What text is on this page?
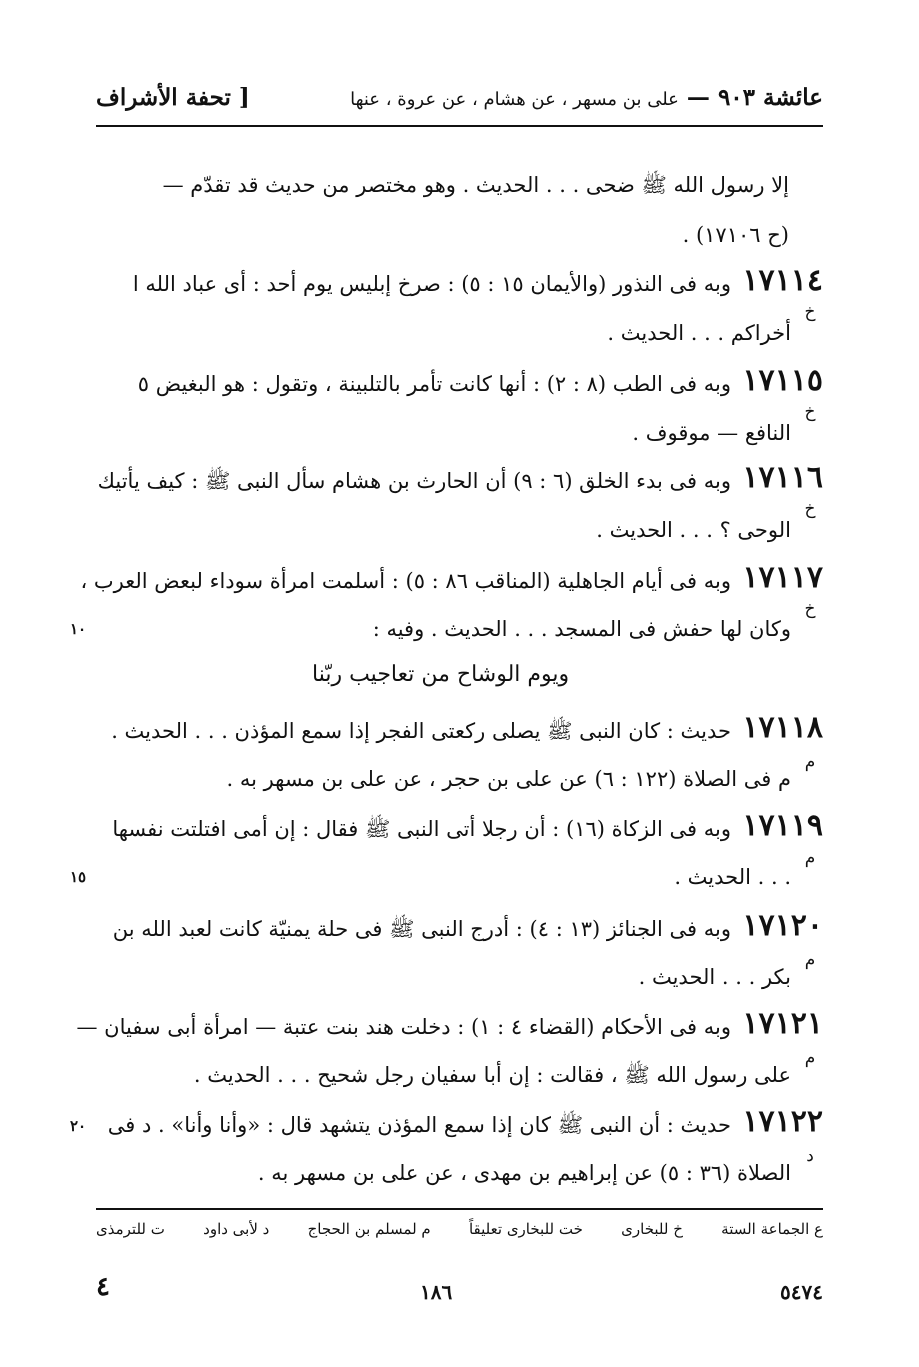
عائشة ٩٠٣ — على بن مسهر ، عن هشام ، عن عروة ، عنها
[ تحفة الأشراف
إلا رسول الله ﷺ ضحى . . . الحديث . وهو مختصر من حديث قد تقدّم —
(ح ١٧١٠٦) .
١٧١١٤
وبه فى النذور (والأيمان ١٥ : ٥) : صرخ إبليس يوم أحد : أى عباد الله ا
خ
أخراكم . . . الحديث .
١٧١١٥
وبه فى الطب (٨ : ٢) : أنها كانت تأمر بالتلبينة ، وتقول : هو البغيض ٥
خ
النافع — موقوف .
١٧١١٦
وبه فى بدء الخلق (٦ : ٩) أن الحارث بن هشام سأل النبى ﷺ : كيف يأتيك
خ
الوحى ؟ . . . الحديث .
١٧١١٧
وبه فى أيام الجاهلية (المناقب ٨٦ : ٥) : أسلمت امرأة سوداء لبعض العرب ،
خ
وكان لها حفش فى المسجد . . . الحديث . وفيه :
١٠
ويوم الوشاح من تعاجيب ربّنا
١٧١١٨
حديث : كان النبى ﷺ يصلى ركعتى الفجر إذا سمع المؤذن . . . الحديث .
م
م فى الصلاة (١٢٢ : ٦) عن على بن حجر ، عن على بن مسهر به .
١٧١١٩
وبه فى الزكاة (١٦) : أن رجلا أتى النبى ﷺ فقال : إن أمى افتلتت نفسها
م
. . . الحديث .
١٥
١٧١٢٠
وبه فى الجنائز (١٣ : ٤) : أدرج النبى ﷺ فى حلة يمنيّة كانت لعبد الله بن
م
بكر . . . الحديث .
١٧١٢١
وبه فى الأحكام (القضاء ٤ : ١) : دخلت هند بنت عتبة — امرأة أبى سفيان —
م
على رسول الله ﷺ ، فقالت : إن أبا سفيان رجل شحيح . . . الحديث .
١٧١٢٢
حديث : أن النبى ﷺ كان إذا سمع المؤذن يتشهد قال : «وأنا وأنا» . د فى
د
الصلاة (٣٦ : ٥) عن إبراهيم بن مهدى ، عن على بن مسهر به .
٢٠
ع الجماعة الستة
خ للبخارى
خت للبخارى تعليقاً
م لمسلم بن الحجاج
د لأبى داود
ت للترمذى
٥٤٧٤
١٨٦
٤
